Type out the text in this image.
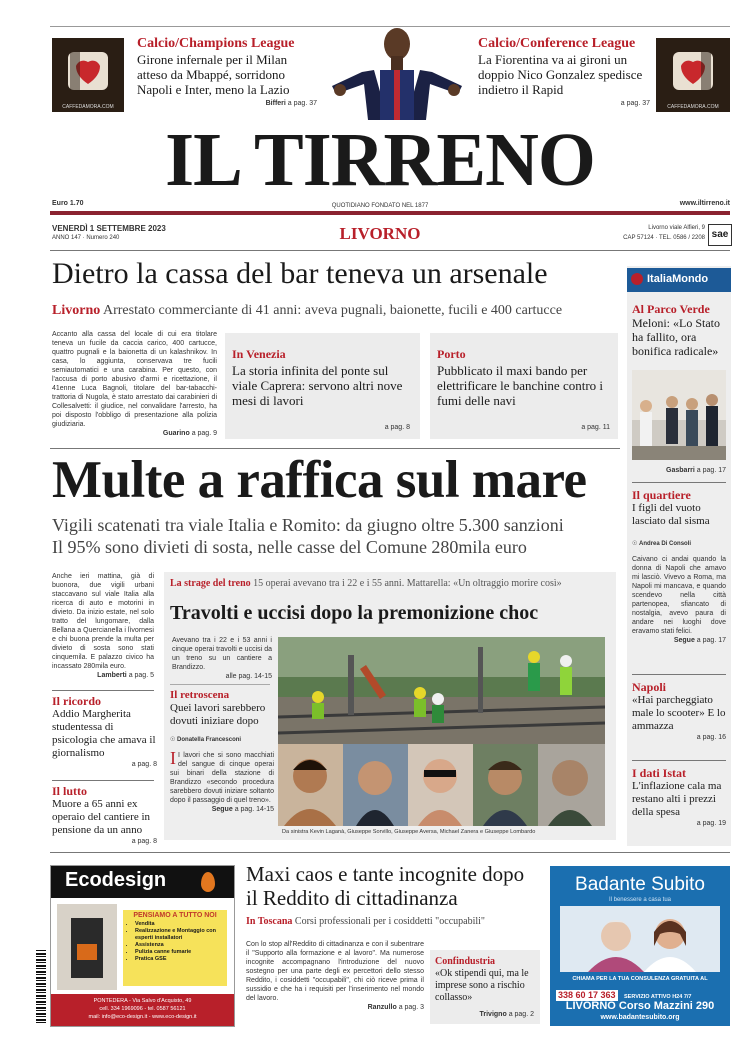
CAFFEDAMORA.COM
Calcio/Champions League
Girone infernale per il Milan atteso da Mbappé, sorridono Napoli e Inter, meno la Lazio
Bifferi a pag. 37
Calcio/Conference League
La Fiorentina va ai gironi un doppio Nico Gonzalez spedisce indietro il Rapid
a pag. 37	CAFFEDAMORA.COM
IL TIRRENO
Euro 1.70	QUOTIDIANO FONDATO NEL 1877	www.iltirreno.it
VENERDÌ 1 SETTEMBRE 2023
ANNO 147 · Numero 240	LIVORNO	Livorno viale Alfieri, 9
CAP 57124 · TEL. 0586 / 2208 sae
Dietro la cassa del bar teneva un arsenale
Livorno Arrestato commerciante di 41 anni: aveva pugnali, baionette, fucili e 400 cartucce
Accanto alla cassa del locale di cui era titolare teneva un fucile da caccia carico, 400 cartucce, quattro pugnali e la baionetta di un kalashnikov. In casa, lo aggiunta, conservava tre fucili semiautomatici e una carabina. Per questo, con l'accusa di porto abusivo d'armi e ricettazione, il 41enne Luca Bagnoli, titolare del bar-tabacchi-trattoria di Nugola, è stato arrestato dai carabinieri di Collesalvetti: il giudice, nel convalidare l'arresto, ha poi disposto l'obbligo di presentazione alla polizia giudiziaria.
Guarino a pag. 9
In Venezia
La storia infinita del ponte sul viale Caprera: servono altri nove mesi di lavori
a pag. 8
Porto
Pubblicato il maxi bando per elettrificare le banchine contro i fumi delle navi
a pag. 11
Multe a raffica sul mare
Vigili scatenati tra viale Italia e Romito: da giugno oltre 5.300 sanzioni
Il 95% sono divieti di sosta, nelle casse del Comune 280mila euro
Anche ieri mattina, già di buonora, due vigili urbani staccavano sul viale Italia alla ricerca di auto e motorini in divieto. Da inizio estate, nel solo tratto del lungomare, dalla Bellana a Quercianella i lìvornesi e chi buona prende la multa per divieto di sosta sono stati cinquemila. E palazzo civico ha incassato 280mila euro.
Lamberti a pag. 5
Il ricordo
Addio Margherita studentessa di psicologia che amava il giornalismo
a pag. 8
Il lutto
Muore a 65 anni ex operaio del cantiere in pensione da un anno
a pag. 8
La strage del treno 15 operai avevano tra i 22 e i 55 anni. Mattarella: «Un oltraggio morire così»
Travolti e uccisi dopo la premonizione choc
Avevano tra i 22 e i 53 anni i cinque operai travolti e uccisi da un treno su un cantiere a Brandizzo.
alle pag. 14-15
Il retroscena
Quei lavori sarebbero dovuti iniziare dopo
☉ Donatella Francesconi
I I lavori che si sono macchiati del sangue di cinque operai sui binari della stazione di Brandizzo «secondo procedura sarebbero dovuti iniziare soltanto dopo il passaggio di quel treno».
Segue a pag. 14-15
Da sinistra Kevin Laganà, Giuseppe Sorvillo, Giuseppe Aversa, Michael Zanera e Giuseppe Lombardo
ItaliaMondo
Al Parco Verde
Meloni: «Lo Stato ha fallito, ora bonifica radicale»
Gasbarri a pag. 17
Il quartiere
I figli del vuoto lasciato dal sisma
☉ Andrea Di Consoli
Caivano ci andai quando la donna di Napoli che amavo mi lasciò. Vivevo a Roma, ma Napoli mi mancava, e quando scendevo nella città partenopea, sfiancato di nostalgia, avevo paura di andare nei luoghi dove eravamo stati felici.
Segue a pag. 17
Napoli
«Hai parcheggiato male lo scooter» E lo ammazza
a pag. 16
I dati Istat
L'inflazione cala ma restano alti i prezzi della spesa
a pag. 19
Ecodesign
PENSIAMO A TUTTO NOI
• Vendita
• Realizzazione e Montaggio con esperti installatori
• Assistenza
• Pulizia canne fumarie
• Pratica GSE
PONTEDERA - Via Salvo d'Acquisto, 49
cell. 334 1969096 - tel. 0587 56121
mail: info@eco-design.it - www.eco-design.it
Maxi caos e tante incognite dopo il Reddito di cittadinanza
In Toscana Corsi professionali per i cosiddetti "occupabili"
Con lo stop all'Reddito di cittadinanza e con il subentrare il "Supporto alla formazione e al lavoro". Ma numerose incognite accompagnano l'introduzione del nuovo sostegno per una parte degli ex percettori dello stesso Reddito, i cosiddetti "occupabili", chi ciò riceve prima il sussidio e che ha i requisiti per l'inserimento nel mondo del lavoro.
Ranzullo a pag. 3
Confindustria
«Ok stipendi qui, ma le imprese sono a rischio collasso»
Trivigno a pag. 2
Badante Subito
Il benessere a casa tua
CHIAMA PER LA TUA CONSULENZA GRATUITA AL
338 60 17 363 SERVIZIO ATTIVO H24 7/7
LIVORNO Corso Mazzini 290
www.badantesubito.org
